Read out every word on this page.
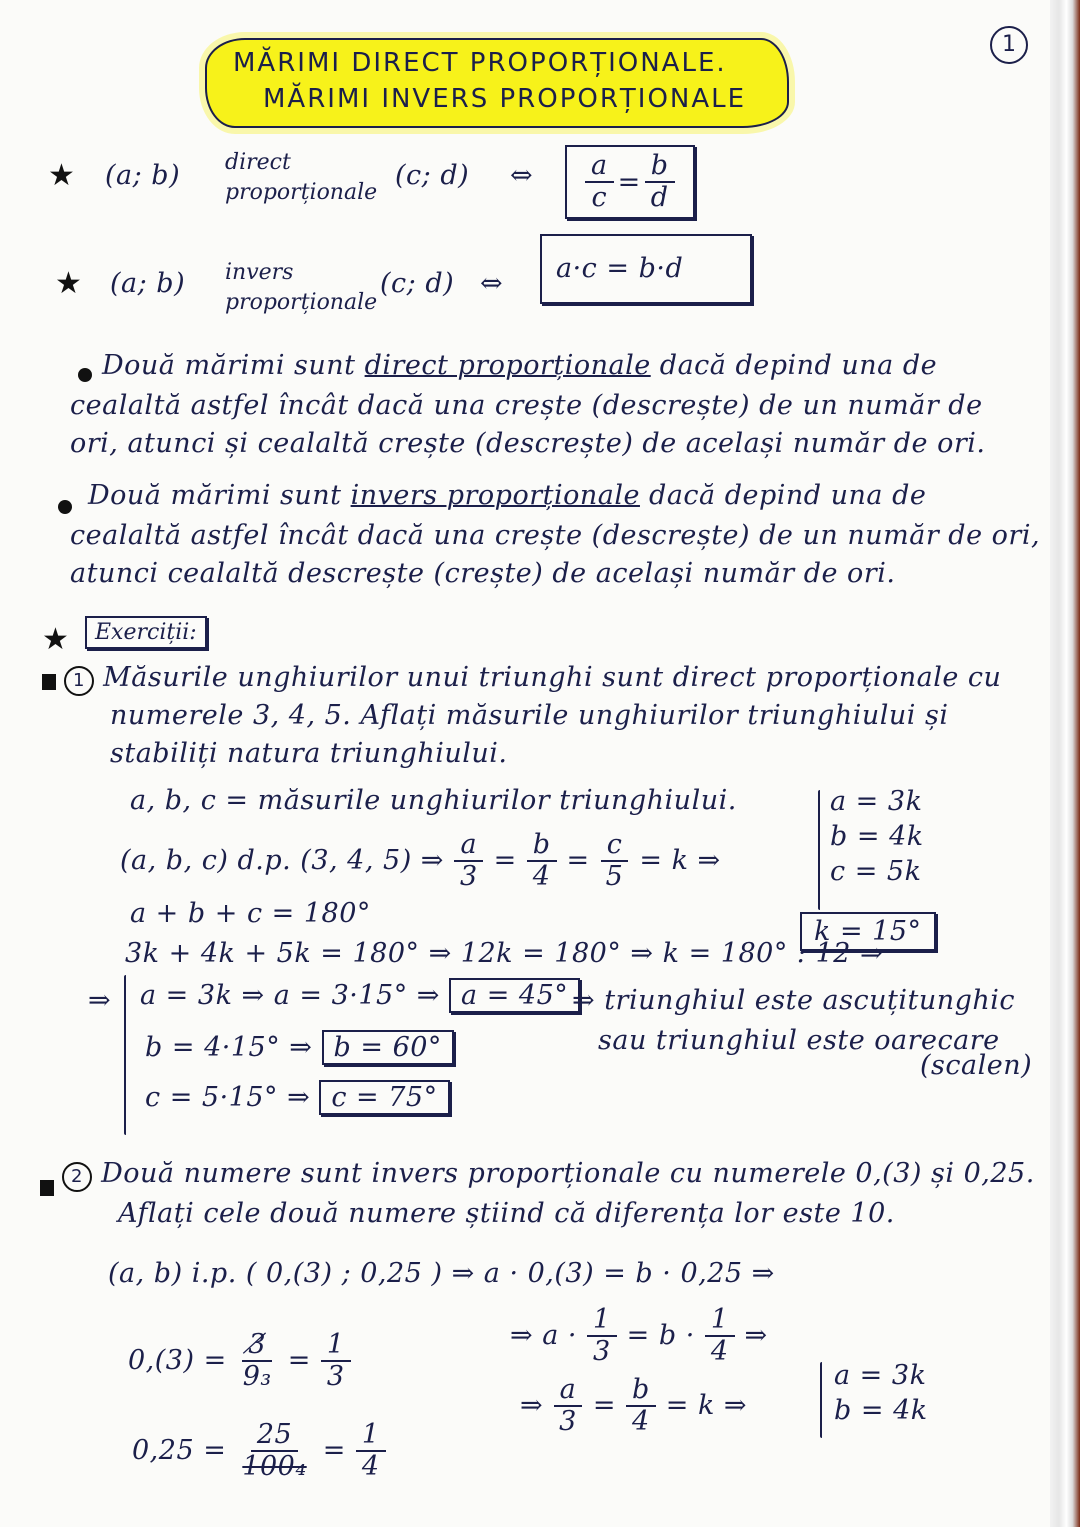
MĂRIMI DIRECT PROPORȚIONALE.
MĂRIMI INVERS PROPORȚIONALE
1
★ (a; b) direct
proporționale
(c; d) ⇔ $\frac{a}{c} = \frac{b}{d}$
★ (a; b) invers
proporționale
(c; d) ⇔	a·c = b·d
Două mărimi sunt direct proporționale dacă depind una de
cealaltă astfel încât dacă una crește (descrește) de un număr de
ori, atunci și cealaltă crește (descrește) de același număr de ori.
Două mărimi sunt invers proporționale dacă depind una de
cealaltă astfel încât dacă una crește (descrește) de un număr de ori,
atunci cealaltă descrește (crește) de același număr de ori.
★	Exerciții:
1 Măsurile unghiurilor unui triunghi sunt direct proporționale cu
numerele 3, 4, 5. Aflați măsurile unghiurilor triunghiului și
stabiliți natura triunghiului.
a, b, c = măsurile unghiurilor triunghiului.
(a, b, c) d.p. (3, 4, 5) ⇒ $\frac{a}{3} = \frac{b}{4} = \frac{c}{5} = k$ ⇒
a = 3k
b = 4k
c = 5k
a + b + c = 180°
3k + 4k + 5k = 180° ⇒ 12k = 180° ⇒ k = 180° : 12 ⇒
k = 15°
⇒ a = 3k ⇒ a = 3·15° ⇒ a = 45°
b = 4·15° ⇒ b = 60°
c = 5·15° ⇒ c = 75°
⇒ triunghiul este ascuțitunghic
sau triunghiul este oarecare
(scalen)
2 Două numere sunt invers proporționale cu numerele 0,(3) și 0,25.
Aflați cele două numere știind că diferența lor este 10.
(a, b) i.p. ( 0,(3) ; 0,25 ) ⇒ a · 0,(3) = b · 0,25 ⇒
$0,(3) = \frac{3̸}{\text{9₃}} = \frac{1}{3}$	⇒ $a \cdot \frac{1}{3} = b \cdot \frac{1}{4}$ ⇒
⇒ $\frac{a}{3} = \frac{b}{4} = k$ ⇒
a = 3k
b = 4k
$0,25 = \frac{25}{\text{100₄}} = \frac{1}{4}$
